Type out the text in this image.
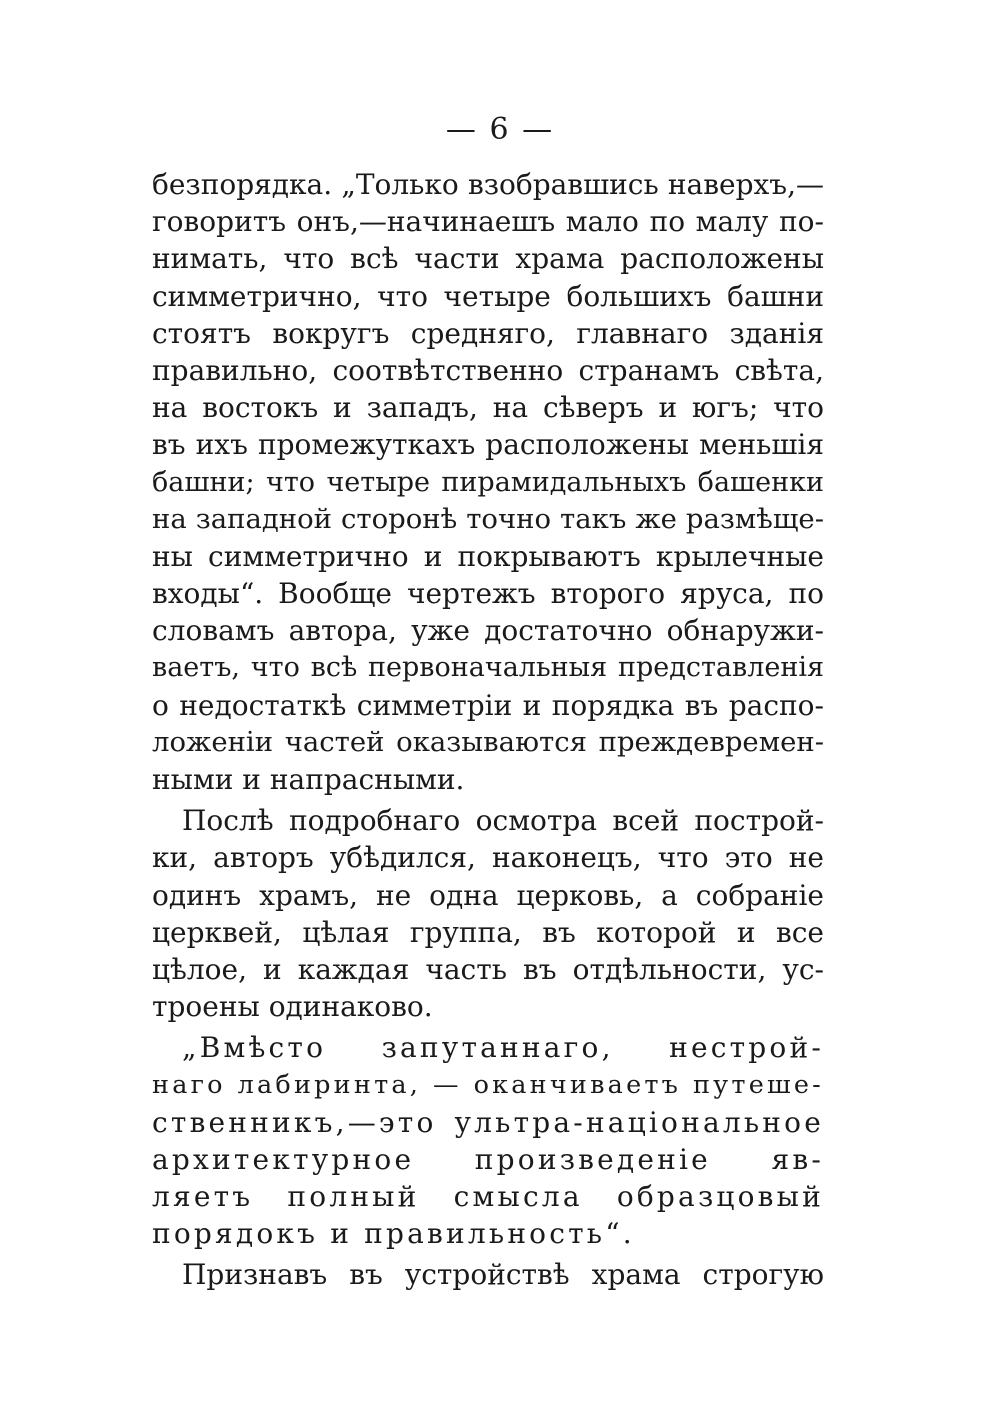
— 6 —
безпорядка. „Только взобравшись наверхъ,—
говоритъ онъ,—начинаешъ мало по малу по-
нимать, что всѣ части храма расположены
симметрично, что четыре большихъ башни
стоятъ вокругъ средняго, главнаго зданія
правильно, соотвѣтственно странамъ свѣта,
на востокъ и западъ, на сѣверъ и югъ; что
въ ихъ промежуткахъ расположены меньшія
башни; что четыре пирамидальныхъ башенки
на западной сторонѣ точно такъ же размѣще-
ны симметрично и покрываютъ крылечные
входы“. Вообще чертежъ второго яруса, по
словамъ автора, уже достаточно обнаружи-
ваетъ, что всѣ первоначальныя представленія
о недостаткѣ симметріи и порядка въ распо-
ложеніи частей оказываются преждевремен-
ными и напрасными.
Послѣ подробнаго осмотра всей построй-
ки, авторъ убѣдился, наконецъ, что это не
одинъ храмъ, не одна церковь, а собраніе
церквей, цѣлая группа, въ которой и все
цѣлое, и каждая часть въ отдѣльности, ус-
троены одинаково.
„Вмѣсто запутаннаго, нестрой-
наго лабиринта, — оканчиваетъ путеше-
ственникъ,—это ультра-національное
архитектурное произведеніе яв-
ляетъ полный смысла образцовый
порядокъ и правильность“.
Признавъ въ устройствѣ храма строгую
